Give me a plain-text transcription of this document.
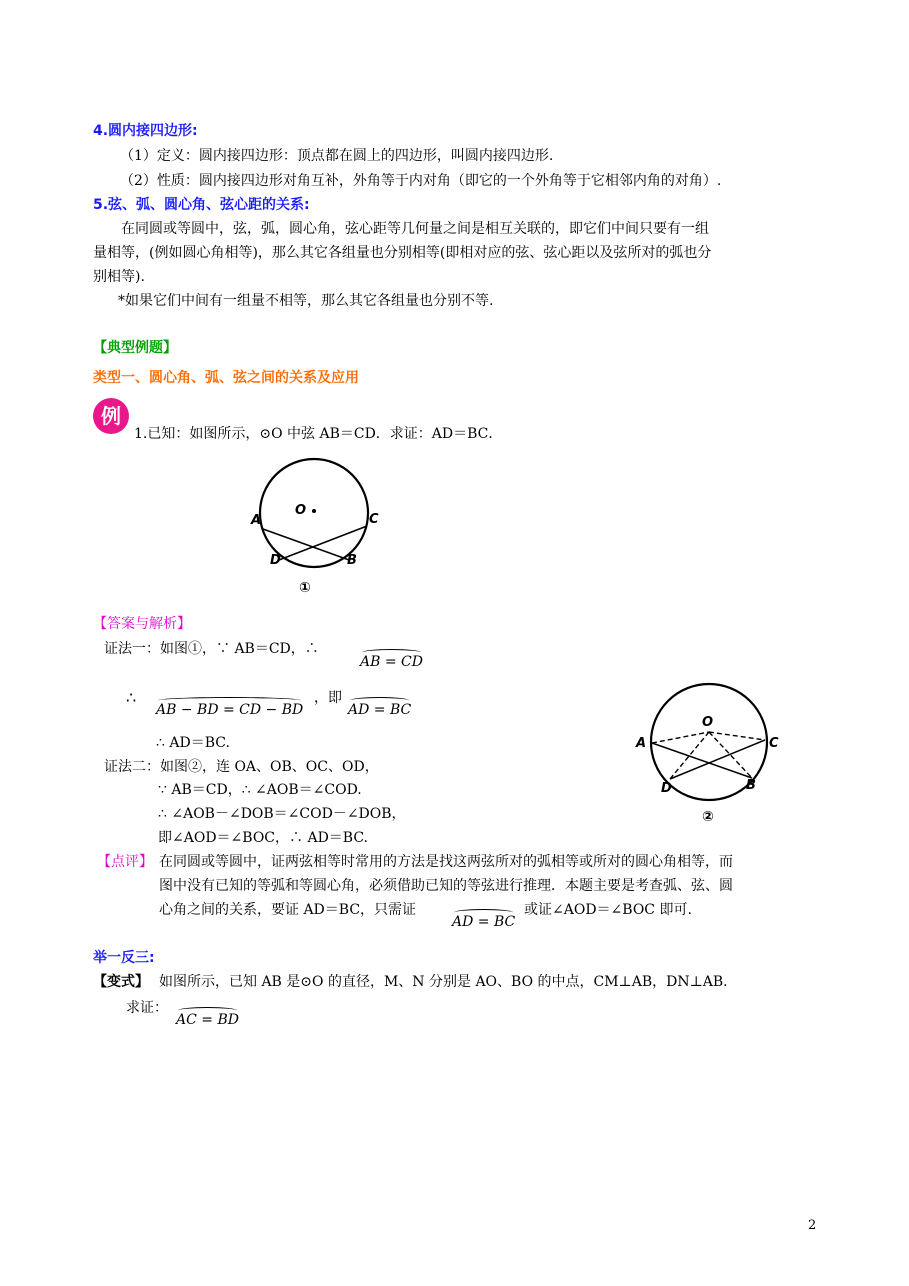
4.圆内接四边形:
（1）定义：圆内接四边形：顶点都在圆上的四边形，叫圆内接四边形.
（2）性质：圆内接四边形对角互补，外角等于内对角（即它的一个外角等于它相邻内角的对角）.
5.弦、弧、圆心角、弦心距的关系:
在同圆或等圆中，弦，弧，圆心角，弦心距等几何量之间是相互关联的，即它们中间只要有一组
量相等，(例如圆心角相等)，那么其它各组量也分别相等(即相对应的弦、弦心距以及弦所对的弧也分
别相等).
*如果它们中间有一组量不相等，那么其它各组量也分别不等.
【典型例题】
类型一、圆心角、弧、弦之间的关系及应用
例
1.已知：如图所示，⊙O 中弦 AB＝CD．求证：AD＝BC．
A	C
D	B
O
①
【答案与解析】
证法一：如图①，∵ AB＝CD，∴
AB = CD
∴
AB − BD = CD − BD
，即
AD = BC
∴ AD＝BC.
证法二：如图②，连 OA、OB、OC、OD，
∵ AB＝CD，∴ ∠AOB＝∠COD.
∴ ∠AOB－∠DOB＝∠COD－∠DOB，
即∠AOD＝∠BOC，∴ AD＝BC.
A	C
D	B
O
②
【点评】 在同圆或等圆中，证两弦相等时常用的方法是找这两弦所对的弧相等或所对的圆心角相等，而
图中没有已知的等弧和等圆心角，必须借助已知的等弦进行推理．本题主要是考查弧、弦、圆
心角之间的关系，要证 AD＝BC，只需证
AD = BC
或证∠AOD＝∠BOC 即可.
举一反三:
【变式】 如图所示，已知 AB 是⊙O 的直径，M、N 分别是 AO、BO 的中点，CM⊥AB，DN⊥AB．
求证：
AC = BD
2
